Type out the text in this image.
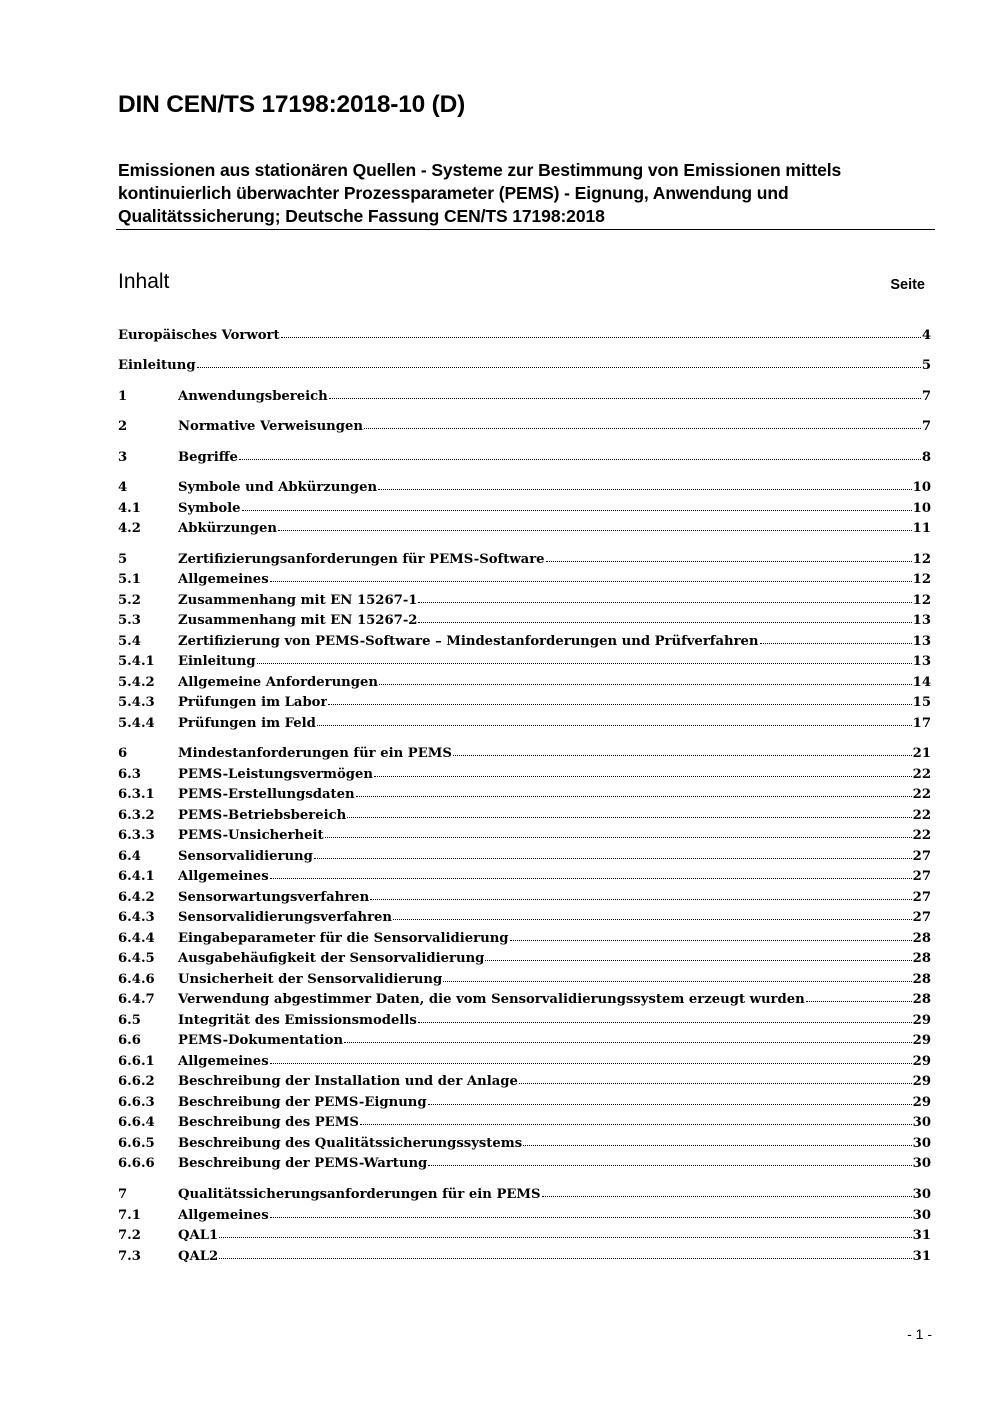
DIN CEN/TS 17198:2018-10 (D)

Emissionen aus stationären Quellen - Systeme zur Bestimmung von Emissionen mittels kontinuierlich überwachter Prozessparameter (PEMS) - Eignung, Anwendung und Qualitätssicherung; Deutsche Fassung CEN/TS 17198:2018

Inhalt	Seite
Europäisches Vorwort	4
Einleitung	5
1	Anwendungsbereich	7
2	Normative Verweisungen	7
3	Begriffe	8
4	Symbole und Abkürzungen	10
4.1	Symbole	10
4.2	Abkürzungen	11
5	Zertifizierungsanforderungen für PEMS-Software	12
5.1	Allgemeines	12
5.2	Zusammenhang mit EN 15267-1	12
5.3	Zusammenhang mit EN 15267-2	13
5.4	Zertifizierung von PEMS-Software – Mindestanforderungen und Prüfverfahren	13
5.4.1	Einleitung	13
5.4.2	Allgemeine Anforderungen	14
5.4.3	Prüfungen im Labor	15
5.4.4	Prüfungen im Feld	17
6	Mindestanforderungen für ein PEMS	21
6.3	PEMS-Leistungsvermögen	22
6.3.1	PEMS-Erstellungsdaten	22
6.3.2	PEMS-Betriebsbereich	22
6.3.3	PEMS-Unsicherheit	22
6.4	Sensorvalidierung	27
6.4.1	Allgemeines	27
6.4.2	Sensorwartungsverfahren	27
6.4.3	Sensorvalidierungsverfahren	27
6.4.4	Eingabeparameter für die Sensorvalidierung	28
6.4.5	Ausgabehäufigkeit der Sensorvalidierung	28
6.4.6	Unsicherheit der Sensorvalidierung	28
6.4.7	Verwendung abgestimmer Daten, die vom Sensorvalidierungssystem erzeugt wurden	28
6.5	Integrität des Emissionsmodells	29
6.6	PEMS-Dokumentation	29
6.6.1	Allgemeines	29
6.6.2	Beschreibung der Installation und der Anlage	29
6.6.3	Beschreibung der PEMS-Eignung	29
6.6.4	Beschreibung des PEMS	30
6.6.5	Beschreibung des Qualitätssicherungssystems	30
6.6.6	Beschreibung der PEMS-Wartung	30
7	Qualitätssicherungsanforderungen für ein PEMS	30
7.1	Allgemeines	30
7.2	QAL1	31
7.3	QAL2	31
- 1 -
